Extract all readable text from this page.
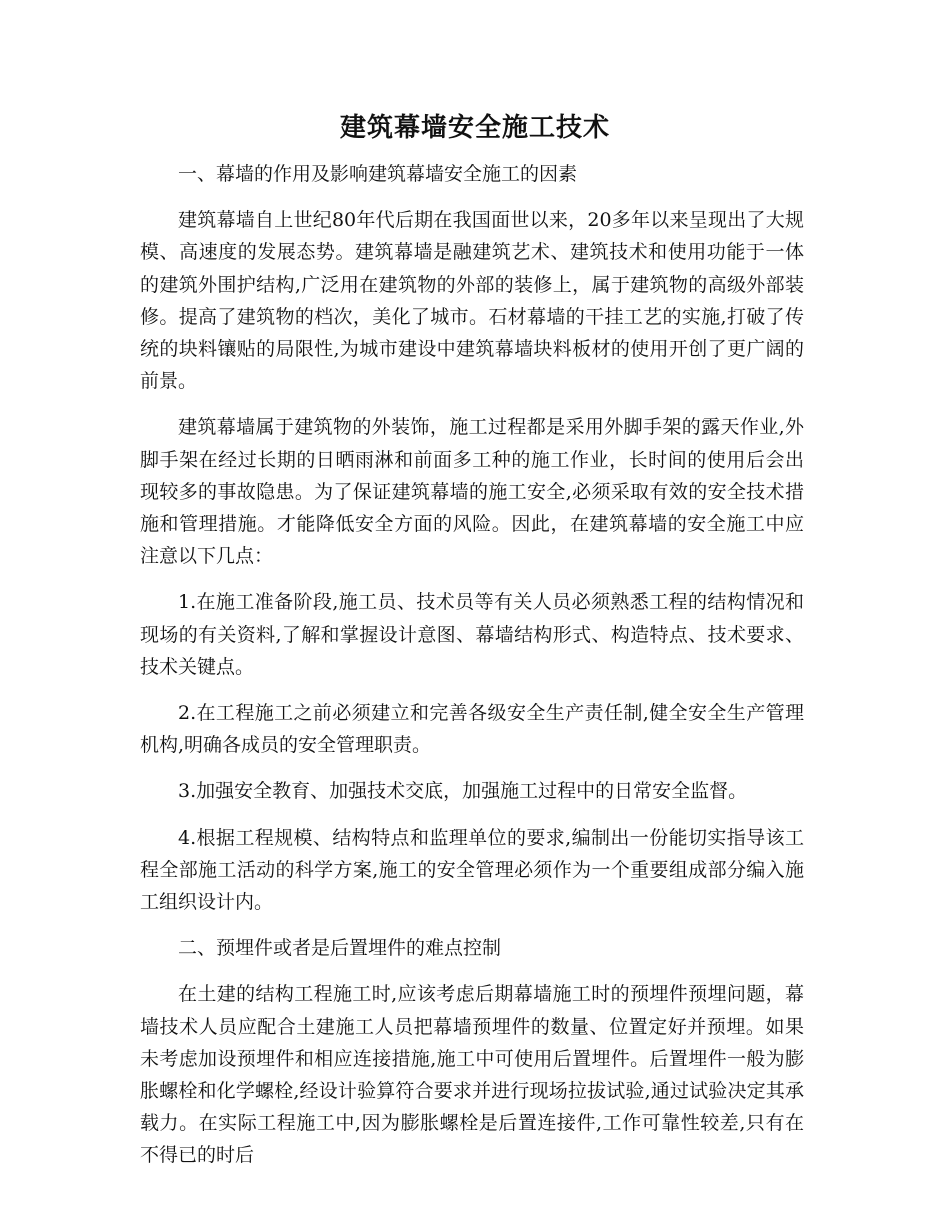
建筑幕墙安全施工技术

一、幕墙的作用及影响建筑幕墙安全施工的因素

建筑幕墙自上世纪80年代后期在我国面世以来，20多年以来呈现出了大规模、高速度的发展态势。建筑幕墙是融建筑艺术、建筑技术和使用功能于一体的建筑外围护结构,广泛用在建筑物的外部的装修上，属于建筑物的高级外部装修。提高了建筑物的档次，美化了城市。石材幕墙的干挂工艺的实施,打破了传统的块料镶贴的局限性,为城市建设中建筑幕墙块料板材的使用开创了更广阔的前景。

建筑幕墙属于建筑物的外装饰，施工过程都是采用外脚手架的露天作业,外脚手架在经过长期的日晒雨淋和前面多工种的施工作业，长时间的使用后会出现较多的事故隐患。为了保证建筑幕墙的施工安全,必须采取有效的安全技术措施和管理措施。才能降低安全方面的风险。因此，在建筑幕墙的安全施工中应注意以下几点：

1.在施工准备阶段,施工员、技术员等有关人员必须熟悉工程的结构情况和现场的有关资料,了解和掌握设计意图、幕墙结构形式、构造特点、技术要求、技术关键点。

2.在工程施工之前必须建立和完善各级安全生产责任制,健全安全生产管理机构,明确各成员的安全管理职责。

3.加强安全教育、加强技术交底，加强施工过程中的日常安全监督。

4.根据工程规模、结构特点和监理单位的要求,编制出一份能切实指导该工程全部施工活动的科学方案,施工的安全管理必须作为一个重要组成部分编入施工组织设计内。

二、预埋件或者是后置埋件的难点控制

在土建的结构工程施工时,应该考虑后期幕墙施工时的预埋件预埋问题，幕墙技术人员应配合土建施工人员把幕墙预埋件的数量、位置定好并预埋。如果未考虑加设预埋件和相应连接措施,施工中可使用后置埋件。后置埋件一般为膨胀螺栓和化学螺栓,经设计验算符合要求并进行现场拉拔试验,通过试验决定其承载力。在实际工程施工中,因为膨胀螺栓是后置连接件,工作可靠性较差,只有在不得已的时后
